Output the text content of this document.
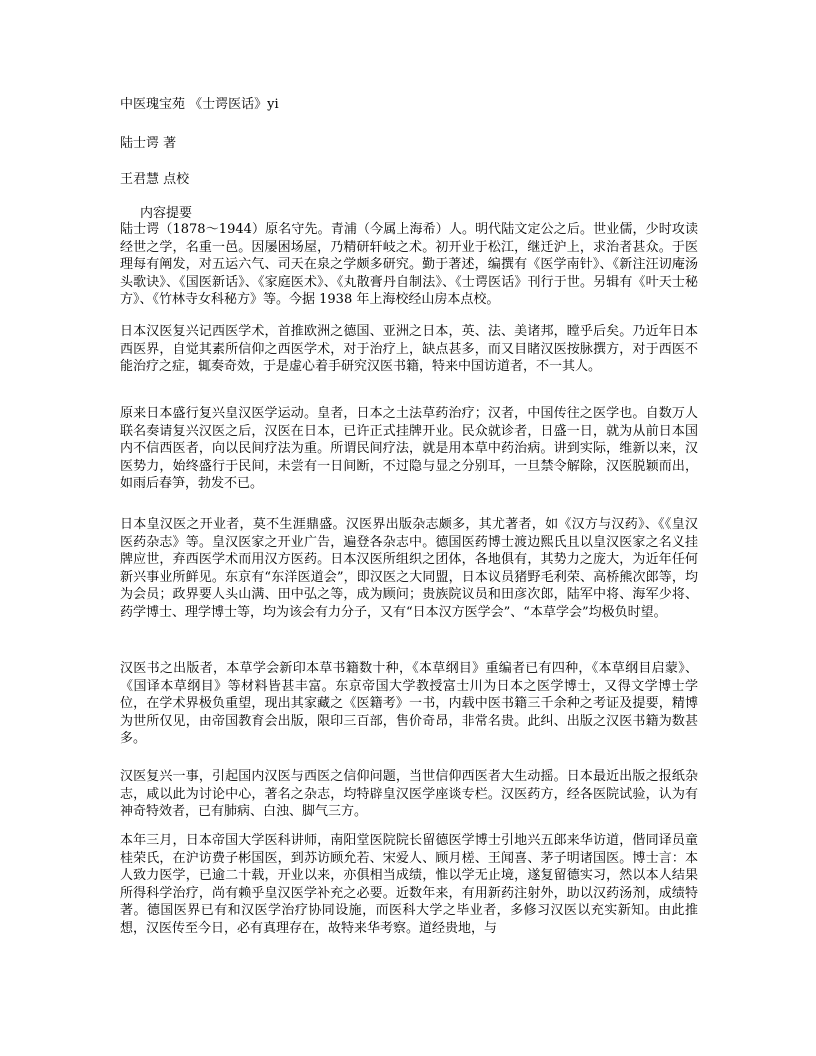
中医瑰宝苑 《士谔医话》yi
陆士谔 著
王君慧 点校
内容提要

陆士谔（1878～1944）原名守先。青浦（今属上海希）人。明代陆文定公之后。世业儒，少时攻读经世之学，名重一邑。因屡困场屋，乃精研轩岐之术。初开业于松江，继迁沪上，求治者甚众。于医理每有阐发，对五运六气、司天在泉之学颇多研究。勤于著述，编撰有《医学南针》、《新注汪讱庵汤头歌诀》、《国医新话》、《家庭医术》、《丸散膏丹自制法》、《士谔医话》刊行于世。另辑有《叶天士秘方》、《竹林寺女科秘方》等。今据 1938 年上海校经山房本点校。

日本汉医复兴记西医学术，首推欧洲之德国、亚洲之日本，英、法、美诸邦，瞠乎后矣。乃近年日本西医界，自觉其素所信仰之西医学术，对于治疗上，缺点甚多，而又目睹汉医按脉撰方，对于西医不能治疗之症，辄奏奇效，于是虚心着手研究汉医书籍，特来中国访道者，不一其人。

原来日本盛行复兴皇汉医学运动。皇者，日本之土法草药治疗；汉者，中国传往之医学也。自数万人联名奏请复兴汉医之后，汉医在日本，已许正式挂牌开业。民众就诊者，日盛一日，就为从前日本国内不信西医者，向以民间疗法为重。所谓民间疗法，就是用本草中药治病。讲到实际，维新以来，汉医势力，始终盛行于民间，未尝有一日间断，不过隐与显之分别耳，一旦禁令解除，汉医脱颖而出，如雨后春笋，勃发不已。

日本皇汉医之开业者，莫不生涯鼎盛。汉医界出版杂志颇多，其尤著者，如《汉方与汉药》、《《皇汉医药杂志》等。皇汉医家之开业广告，遍登各杂志中。德国医药博士渡边熙氏且以皇汉医家之名义挂牌应世，弃西医学术而用汉方医药。日本汉医所组织之团体，各地俱有，其势力之庞大，为近年任何新兴事业所鲜见。东京有“东洋医道会”，即汉医之大同盟，日本议员猪野毛利荣、高桥熊次郎等，均为会员；政界要人头山满、田中弘之等，成为顾问；贵族院议员和田彦次郎，陆军中将、海军少将、药学博士、理学博士等，均为该会有力分子，又有“日本汉方医学会”、“本草学会”均极负时望。

汉医书之出版者，本草学会新印本草书籍数十种，《本草纲目》重编者已有四种，《本草纲目启蒙》、《国译本草纲目》等材料皆甚丰富。东京帝国大学教授富士川为日本之医学博士，又得文学博士学位，在学术界极负重望，现出其家藏之《医籍考》一书，内载中医书籍三千余种之考证及提要，精博为世所仅见，由帝国教育会出版，限印三百部，售价奇昂，非常名贵。此纠、出版之汉医书籍为数甚多。

汉医复兴一事，引起国内汉医与西医之信仰问题，当世信仰西医者大生动摇。日本最近出版之报纸杂志，咸以此为讨论中心，著名之杂志，均特辟皇汉医学座谈专栏。汉医药方，经各医院试验，认为有神奇特效者，已有肺病、白浊、脚气三方。

本年三月，日本帝国大学医科讲师，南阳堂医院院长留德医学博士引地兴五郎来华访道，偕同译员童桂荣氏，在沪访费子彬国医，到苏访顾允若、宋爱人、顾月槎、王闻喜、茅子明诸国医。博士言：本人致力医学，已逾二十载，开业以来，亦俱相当成绩，惟以学无止境，遂复留德实习，然以本人结果所得科学治疗，尚有赖乎皇汉医学补充之必要。近数年来，有用新药注射外，助以汉药汤剂，成绩特著。德国医界已有和汉医学治疗协同设施，而医科大学之毕业者，多修习汉医以充实新知。由此推想，汉医传至今日，必有真理存在，故特来华考察。道经贵地，与
